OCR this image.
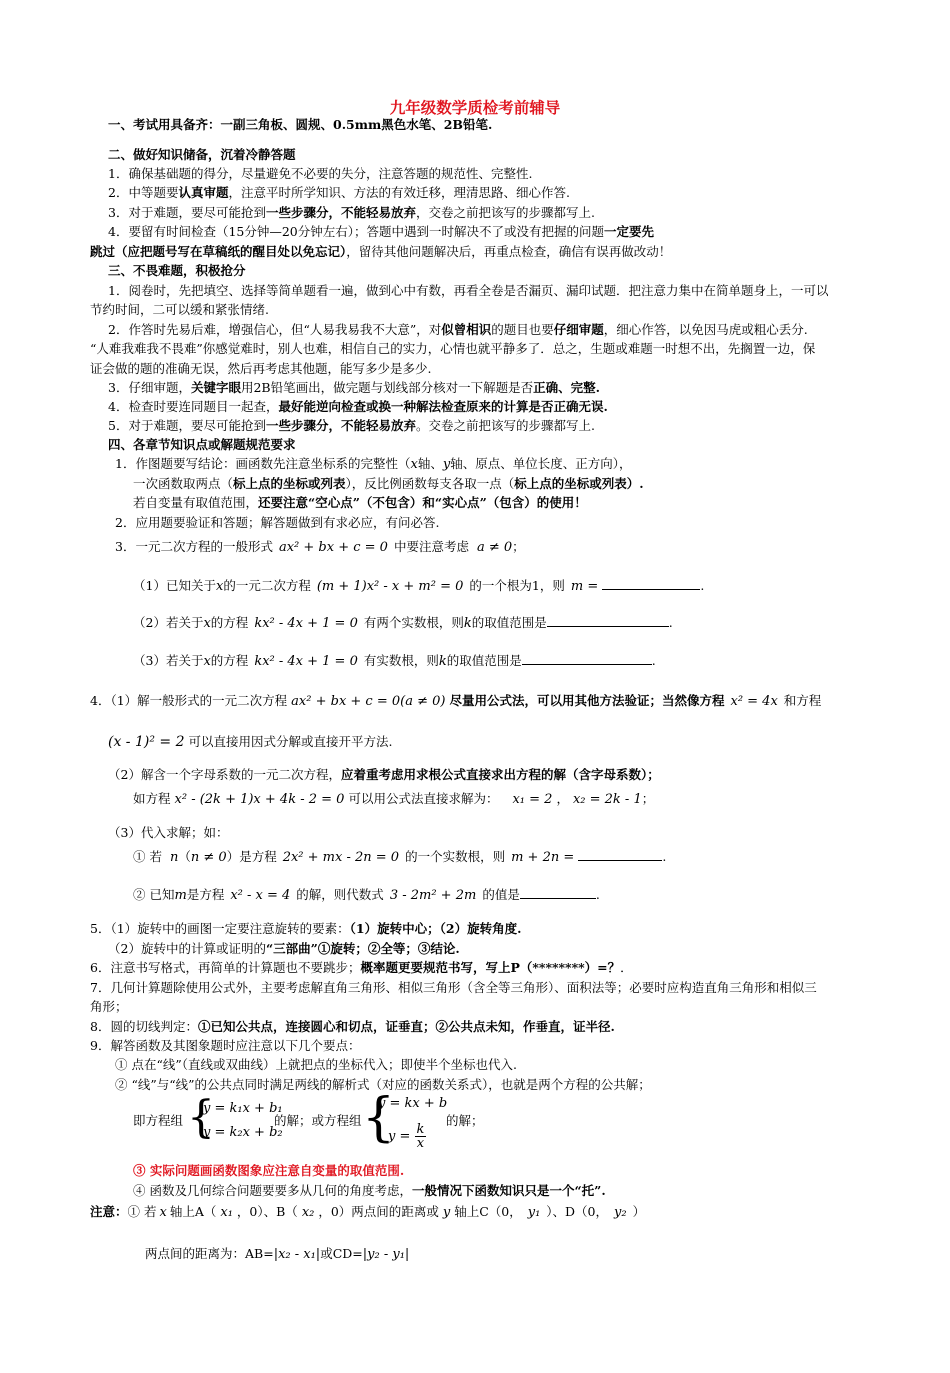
九年级数学质检考前辅导
一、考试用具备齐：一副三角板、圆规、0.5mm黑色水笔、2B铅笔.
二、做好知识储备，沉着冷静答题
1．确保基础题的得分，尽量避免不必要的失分，注意答题的规范性、完整性.
2．中等题要认真审题，注意平时所学知识、方法的有效迁移，理清思路、细心作答.
3．对于难题，要尽可能抢到一些步骤分，不能轻易放弃，交卷之前把该写的步骤都写上.
4．要留有时间检查（15分钟—20分钟左右）；答题中遇到一时解决不了或没有把握的问题一定要先
跳过（应把题号写在草稿纸的醒目处以免忘记），留待其他问题解决后，再重点检查，确信有误再做改动！
三、不畏难题，积极抢分
1．阅卷时，先把填空、选择等简单题看一遍，做到心中有数，再看全卷是否漏页、漏印试题．把注意力集中在简单题身上，一可以
节约时间，二可以缓和紧张情绪.
2．作答时先易后难，增强信心，但“人易我易我不大意”，对似曾相识的题目也要仔细审题，细心作答，以免因马虎或粗心丢分.
“人难我难我不畏难”你感觉难时，别人也难，相信自己的实力，心情也就平静多了．总之，生题或难题一时想不出，先搁置一边，保
证会做的题的准确无误，然后再考虑其他题，能写多少是多少.
3．仔细审题，关键字眼用2B铅笔画出，做完题与划线部分核对一下解题是否正确、完整.
4．检查时要连同题目一起查，最好能逆向检查或换一种解法检查原来的计算是否正确无误.
5．对于难题，要尽可能抢到一些步骤分，不能轻易放弃。交卷之前把该写的步骤都写上.
四、各章节知识点或解题规范要求
1．作图题要写结论：画函数先注意坐标系的完整性（x轴、y轴、原点、单位长度、正方向），
一次函数取两点（标上点的坐标或列表），反比例函数每支各取一点（标上点的坐标或列表）.
若自变量有取值范围，还要注意“空心点”（不包含）和“实心点”（包含）的使用！
2．应用题要验证和答题；解答题做到有求必应，有问必答.
3．一元二次方程的一般形式 ax² + bx + c = 0 中要注意考虑 a ≠ 0；
（1）已知关于x的一元二次方程 (m + 1)x² - x + m² = 0 的一个根为1，则 m =	.
（2）若关于x的方程 kx² - 4x + 1 = 0 有两个实数根，则k的取值范围是	.
（3）若关于x的方程 kx² - 4x + 1 = 0 有实数根，则k的取值范围是	.
4．（1）解一般形式的一元二次方程 ax² + bx + c = 0(a ≠ 0) 尽量用公式法，可以用其他方法验证；当然像方程 x² = 4x 和方程
(x - 1)² = 2 可以直接用因式分解或直接开平方法.
（2）解含一个字母系数的一元二次方程，应着重考虑用求根公式直接求出方程的解（含字母系数）；
如方程 x² - (2k + 1)x + 4k - 2 = 0 可以用公式法直接求解为： x₁ = 2 ， x₂ = 2k - 1；
（3）代入求解；如：
① 若 n（n ≠ 0）是方程 2x² + mx - 2n = 0 的一个实数根，则 m + 2n =	.
② 已知m是方程 x² - x = 4 的解，则代数式 3 - 2m² + 2m 的值是	.
5．（1）旋转中的画图一定要注意旋转的要素：（1）旋转中心；（2）旋转角度.
（2）旋转中的计算或证明的“三部曲”①旋转；②全等；③结论.
6．注意书写格式，再简单的计算题也不要跳步；概率题更要规范书写，写上P（********）=？．
7．几何计算题除使用公式外，主要考虑解直角三角形、相似三角形（含全等三角形）、面积法等；必要时应构造直角三角形和相似三
角形；
8．圆的切线判定：①已知公共点，连接圆心和切点，证垂直；②公共点未知，作垂直，证半径.
9．解答函数及其图象题时应注意以下几个要点：
① 点在“线”（直线或双曲线）上就把点的坐标代入；即使半个坐标也代入.
② “线”与“线”的公共点同时满足两线的解析式（对应的函数关系式），也就是两个方程的公共解；
即方程组 {
y = k₁x + b₁
y = k₂x + b₂
的解；或方程组 {
y = kx + b
$y = \frac{k}{x}$
的解；
③ 实际问题画函数图象应注意自变量的取值范围.
④ 函数及几何综合问题要要多从几何的角度考虑，一般情况下函数知识只是一个“托”.
注意：① 若 x 轴上A（ x₁ ，0）、B（ x₂ ，0）两点间的距离或 y 轴上C（0， y₁ ）、D（0， y₂ ）
两点间的距离为：AB=|x₂ - x₁|或CD=|y₂ - y₁|
